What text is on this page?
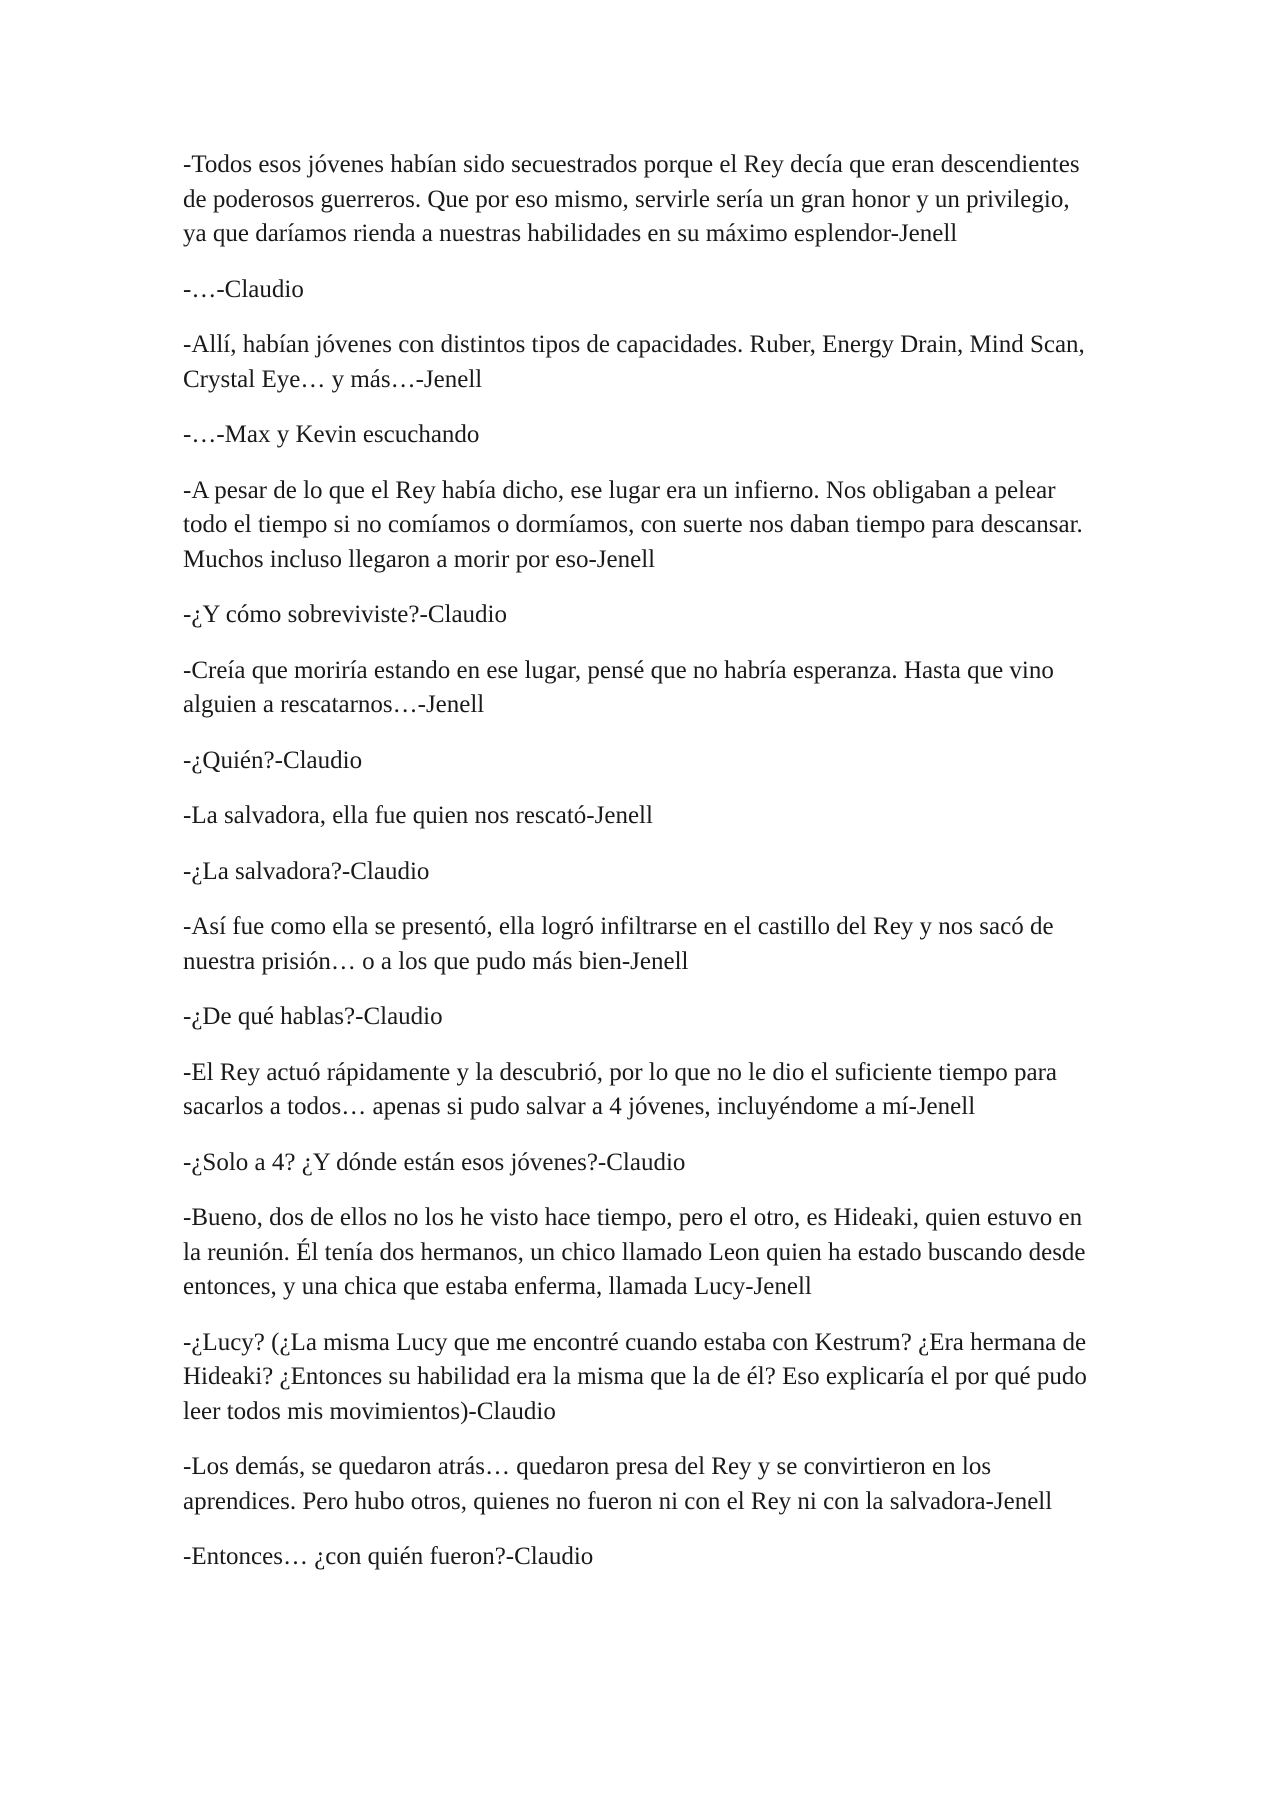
-Todos esos jóvenes habían sido secuestrados porque el Rey decía que eran descendientes de poderosos guerreros. Que por eso mismo, servirle sería un gran honor y un privilegio, ya que daríamos rienda a nuestras habilidades en su máximo esplendor-Jenell

-…-Claudio

-Allí, habían jóvenes con distintos tipos de capacidades. Ruber, Energy Drain, Mind Scan, Crystal Eye… y más…-Jenell

-…-Max y Kevin escuchando

-A pesar de lo que el Rey había dicho, ese lugar era un infierno. Nos obligaban a pelear todo el tiempo si no comíamos o dormíamos, con suerte nos daban tiempo para descansar. Muchos incluso llegaron a morir por eso-Jenell

-¿Y cómo sobreviviste?-Claudio

-Creía que moriría estando en ese lugar, pensé que no habría esperanza. Hasta que vino alguien a rescatarnos…-Jenell

-¿Quién?-Claudio

-La salvadora, ella fue quien nos rescató-Jenell

-¿La salvadora?-Claudio

-Así fue como ella se presentó, ella logró infiltrarse en el castillo del Rey y nos sacó de nuestra prisión… o a los que pudo más bien-Jenell

-¿De qué hablas?-Claudio

-El Rey actuó rápidamente y la descubrió, por lo que no le dio el suficiente tiempo para sacarlos a todos… apenas si pudo salvar a 4 jóvenes, incluyéndome a mí-Jenell

-¿Solo a 4? ¿Y dónde están esos jóvenes?-Claudio

-Bueno, dos de ellos no los he visto hace tiempo, pero el otro, es Hideaki, quien estuvo en la reunión. Él tenía dos hermanos, un chico llamado Leon quien ha estado buscando desde entonces, y una chica que estaba enferma, llamada Lucy-Jenell

-¿Lucy? (¿La misma Lucy que me encontré cuando estaba con Kestrum? ¿Era hermana de Hideaki? ¿Entonces su habilidad era la misma que la de él? Eso explicaría el por qué pudo leer todos mis movimientos)-Claudio

-Los demás, se quedaron atrás… quedaron presa del Rey y se convirtieron en los aprendices. Pero hubo otros, quienes no fueron ni con el Rey ni con la salvadora-Jenell

-Entonces… ¿con quién fueron?-Claudio
